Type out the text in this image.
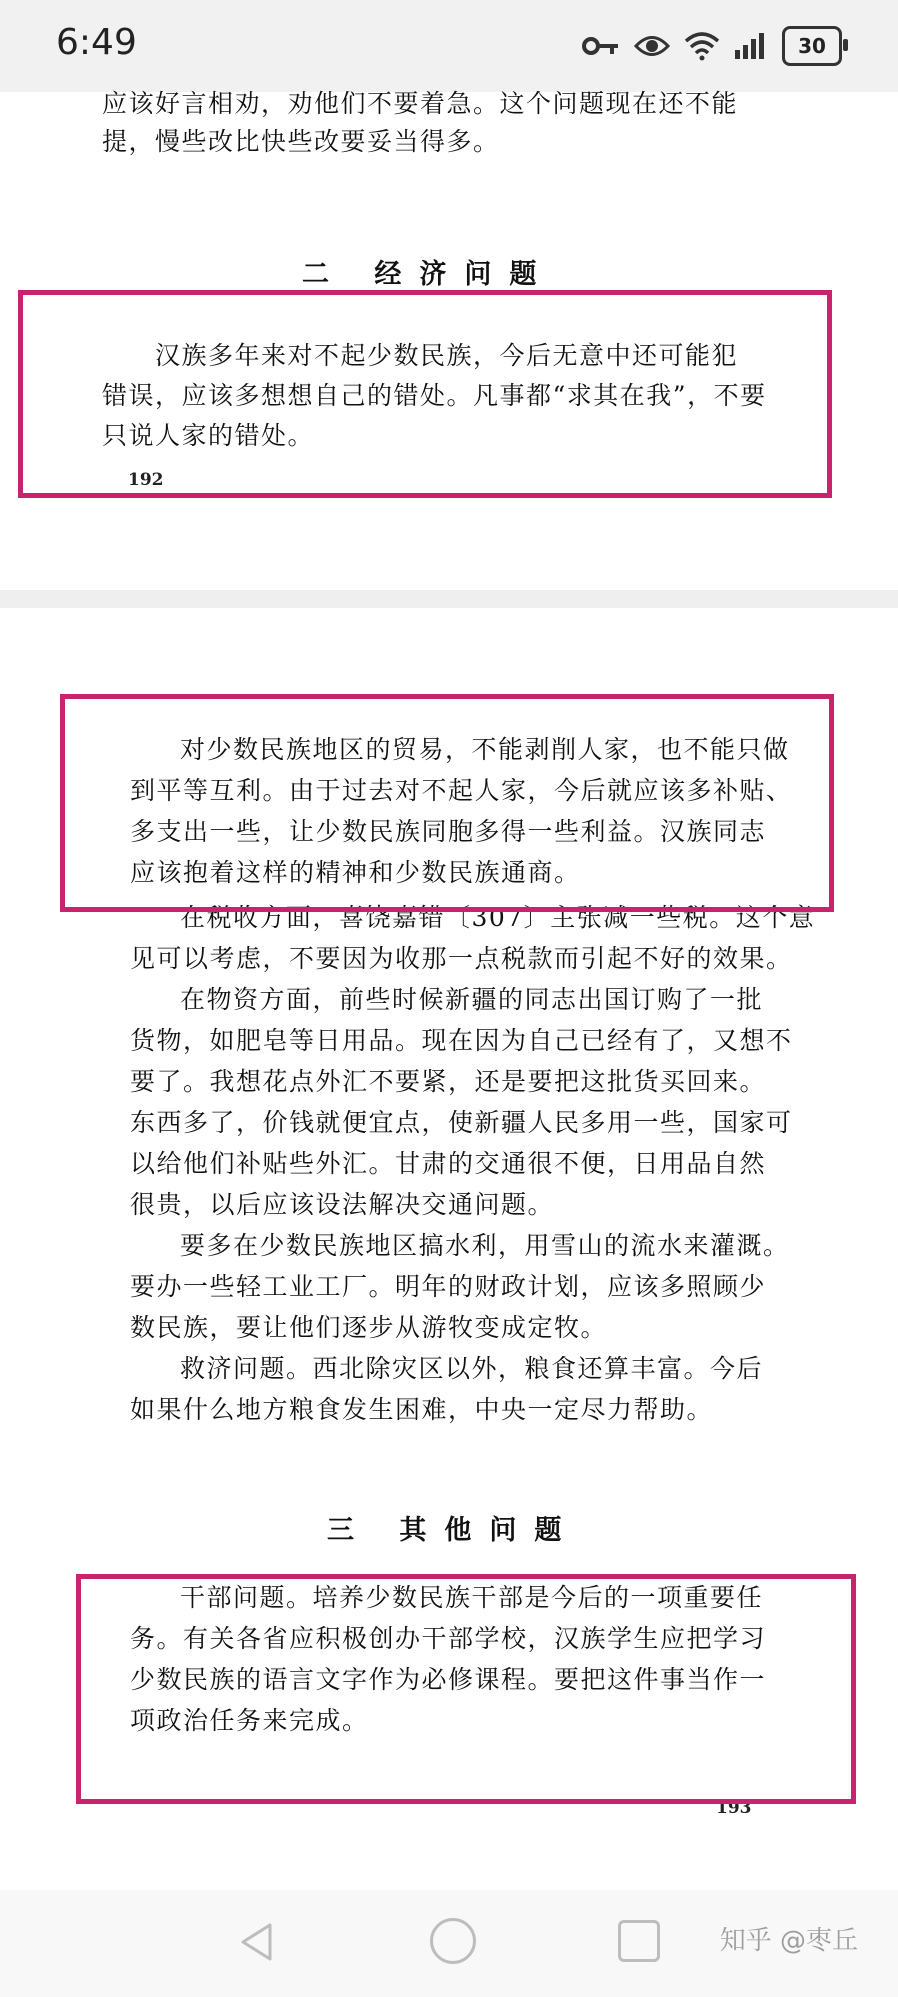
6:49	30
应该好言相劝，劝他们不要着急。这个问题现在还不能
提，慢些改比快些改要妥当得多。
二 经济问题
汉族多年来对不起少数民族，今后无意中还可能犯
错误，应该多想想自己的错处。凡事都“求其在我”，不要
只说人家的错处。
192
对少数民族地区的贸易，不能剥削人家，也不能只做
到平等互利。由于过去对不起人家，今后就应该多补贴、
多支出一些，让少数民族同胞多得一些利益。汉族同志
应该抱着这样的精神和少数民族通商。
在税收方面，喜饶嘉错〔307〕主张减一些税。这个意
见可以考虑，不要因为收那一点税款而引起不好的效果。
在物资方面，前些时候新疆的同志出国订购了一批
货物，如肥皂等日用品。现在因为自己已经有了，又想不
要了。我想花点外汇不要紧，还是要把这批货买回来。
东西多了，价钱就便宜点，使新疆人民多用一些，国家可
以给他们补贴些外汇。甘肃的交通很不便，日用品自然
很贵，以后应该设法解决交通问题。
要多在少数民族地区搞水利，用雪山的流水来灌溉。
要办一些轻工业工厂。明年的财政计划，应该多照顾少
数民族，要让他们逐步从游牧变成定牧。
救济问题。西北除灾区以外，粮食还算丰富。今后
如果什么地方粮食发生困难，中央一定尽力帮助。
三 其他问题
干部问题。培养少数民族干部是今后的一项重要任
务。有关各省应积极创办干部学校，汉族学生应把学习
少数民族的语言文字作为必修课程。要把这件事当作一
项政治任务来完成。
193
知乎 @枣丘
